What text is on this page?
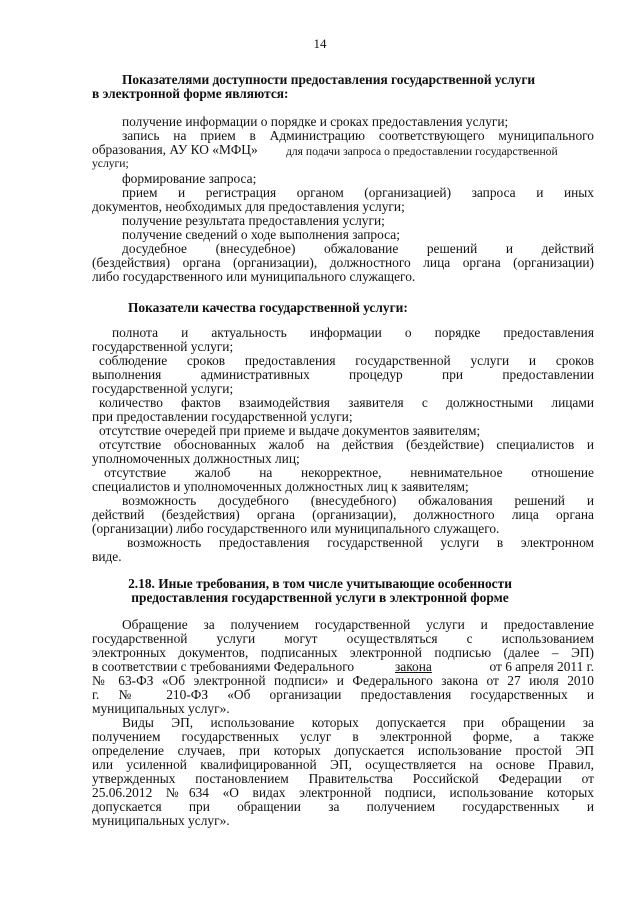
14
Показателями доступности предоставления государственной услуги
в электронной форме являются:
получение информации о порядке и сроках предоставления услуги;
запись на прием в Администрацию соответствующего муниципального
образования, АУ КО «МФЦ»	для подачи запроса о предоставлении государственной
услуги;
формирование запроса;
прием и регистрация органом (организацией) запроса и иных
документов, необходимых для предоставления услуги;
получение результата предоставления услуги;
получение сведений о ходе выполнения запроса;
досудебное (внесудебное) обжалование решений и действий
(бездействия) органа (организации), должностного лица органа (организации)
либо государственного или муниципального служащего.
Показатели качества государственной услуги:
полнота и актуальность информации о порядке предоставления
государственной услуги;
соблюдение сроков предоставления государственной услуги и сроков
выполнения административных процедур при предоставлении
государственной услуги;
количество фактов взаимодействия заявителя с должностными лицами
при предоставлении государственной услуги;
отсутствие очередей при приеме и выдаче документов заявителям;
отсутствие обоснованных жалоб на действия (бездействие) специалистов и
уполномоченных должностных лиц;
отсутствие жалоб на некорректное, невнимательное отношение
специалистов и уполномоченных должностных лиц к заявителям;
возможность досудебного (внесудебного) обжалования решений и
действий (бездействия) органа (организации), должностного лица органа
(организации) либо государственного или муниципального служащего.
возможность предоставления государственной услуги в электронном
виде.
2.18. Иные требования, в том числе учитывающие особенности
предоставления государственной услуги в электронной форме
Обращение за получением государственной услуги и предоставление
государственной услуги могут осуществляться с использованием
электронных документов, подписанных электронной подписью (далее – ЭП)
в соответствии с требованиями Федерального	закона	от 6 апреля 2011 г.
№ 63-ФЗ «Об электронной подписи» и Федерального закона от 27 июля 2010
г. № 210-ФЗ «Об организации предоставления государственных и
муниципальных услуг».
Виды ЭП, использование которых допускается при обращении за
получением государственных услуг в электронной форме, а также
определение случаев, при которых допускается использование простой ЭП
или усиленной квалифицированной ЭП, осуществляется на основе Правил,
утвержденных постановлением Правительства Российской Федерации от
25.06.2012 №634 «О видах электронной подписи, использование которых
допускается при обращении за получением государственных и
муниципальных услуг».
